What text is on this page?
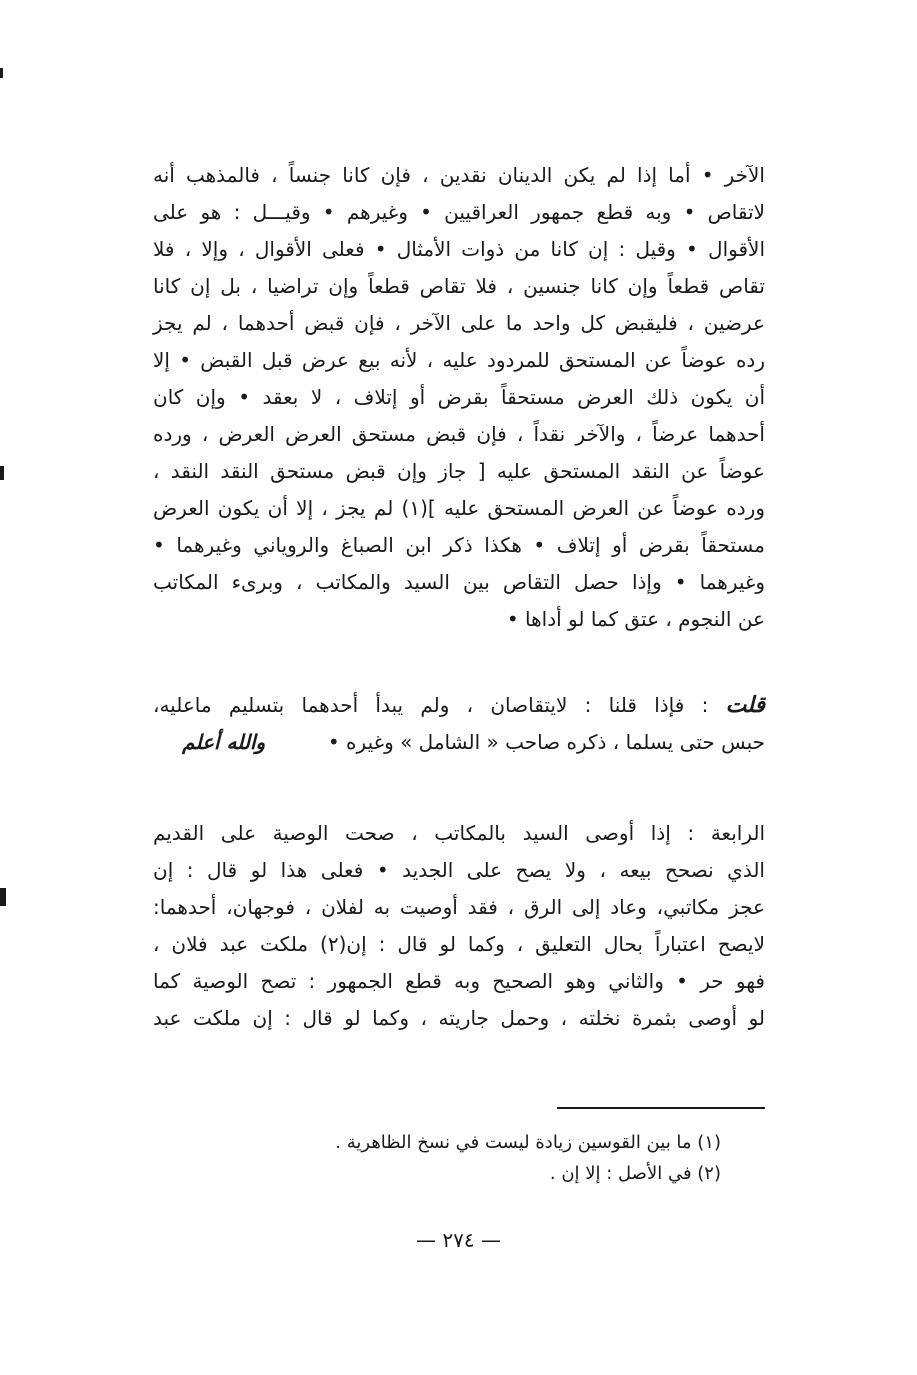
الآخر • أما إذا لم يكن الدينان نقدين ، فإن كانا جنساً ، فالمذهب أنه
لاتقاص • وبه قطع جمهور العراقيين • وغيرهم • وقيـــل : هو على
الأقوال • وقيل : إن كانا من ذوات الأمثال • فعلى الأقوال ، وإلا ، فلا
تقاص قطعاً وإن كانا جنسين ، فلا تقاص قطعاً وإن تراضيا ، بل إن كانا
عرضين ، فليقبض كل واحد ما على الآخر ، فإن قبض أحدهما ، لم يجز
رده عوضاً عن المستحق للمردود عليه ، لأنه بيع عرض قبل القبض • إلا
أن يكون ذلك العرض مستحقاً بقرض أو إتلاف ، لا بعقد • وإن كان
أحدهما عرضاً ، والآخر نقداً ، فإن قبض مستحق العرض العرض ، ورده
عوضاً عن النقد المستحق عليه [ جاز وإن قبض مستحق النقد النقد ،
ورده عوضاً عن العرض المستحق عليه ](١) لم يجز ، إلا أن يكون العرض
مستحقاً بقرض أو إتلاف • هكذا ذكر ابن الصباغ والروياني وغيرهما •
وغيرهما • وإذا حصل التقاص بين السيد والمكاتب ، وبرىء المكاتب
عن النجوم ، عتق كما لو أداها •
قلت : فإذا قلنا : لايتقاصان ، ولم يبدأ أحدهما بتسليم ماعليه،
حبس حتى يسلما ، ذكره صاحب « الشامل » وغيره •  والله أعلم
الرابعة : إذا أوصى السيد بالمكاتب ، صحت الوصية على القديم
الذي نصحح بيعه ، ولا يصح على الجديد • فعلى هذا لو قال : إن
عجز مكاتبي، وعاد إلى الرق ، فقد أوصيت به لفلان ، فوجهان، أحدهما:
لايصح اعتباراً بحال التعليق ، وكما لو قال : إن(٢) ملكت عبد فلان ،
فهو حر • والثاني وهو الصحيح وبه قطع الجمهور : تصح الوصية كما
لو أوصى بثمرة نخلته ، وحمل جاريته ، وكما لو قال : إن ملكت عبد
(١) ما بين القوسين زيادة ليست في نسخ الظاهرية .
(٢) في الأصل : إلا إن .
— ٢٧٤ —
